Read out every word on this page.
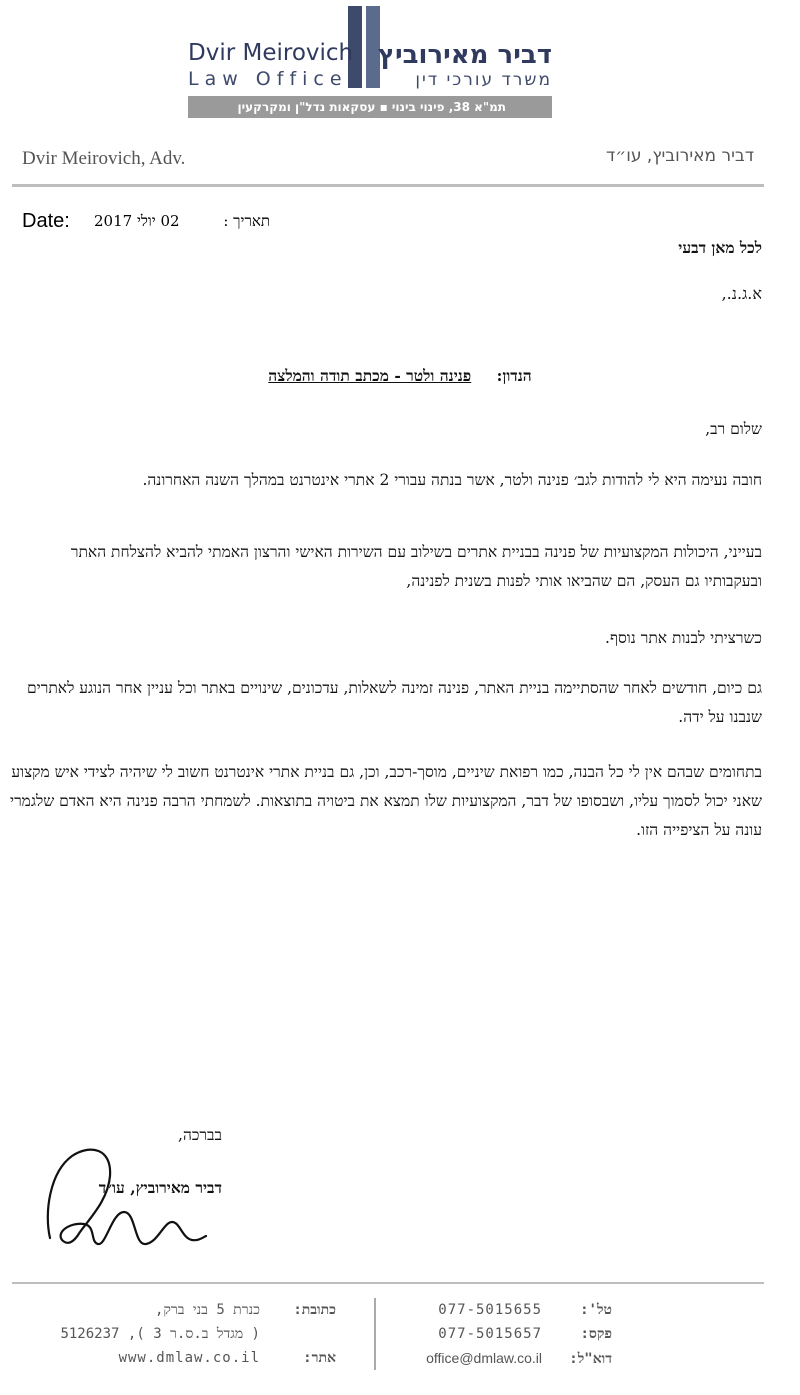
Dvir Meirovich
Law Office
דביר מאירוביץ
משרד עורכי דין
תמ"א 38, פינוי בינוי ▪ עסקאות נדל"ן ומקרקעין
Dvir Meirovich, Adv.	דביר מאירוביץ, עו״ד
Date: 02 יולי 2017	תאריך :
לכל מאן דבעי
א.ג.נ.,
הנדון: פנינה ולטר - מכתב תודה והמלצה
שלום רב,
חובה נעימה היא לי להודות לגב׳ פנינה ולטר, אשר בנתה עבורי 2 אתרי אינטרנט במהלך השנה האחרונה.
בעייני, היכולות המקצועיות של פנינה בבניית אתרים בשילוב עם השירות האישי והרצון האמתי להביא להצלחת האתר ובעקבותיו גם העסק, הם שהביאו אותי לפנות בשנית לפנינה,
כשרציתי לבנות אתר נוסף.
גם כיום, חודשים לאחר שהסתיימה בניית האתר, פנינה זמינה לשאלות, עדכונים, שינויים באתר וכל עניין אחר הנוגע לאתרים שנבנו על ידה.
בתחומים שבהם אין לי כל הבנה, כמו רפואת שיניים, מוסך-רכב, וכן, גם בניית אתרי אינטרנט חשוב לי שיהיה לצידי איש מקצוע שאני יכול לסמוך עליו, ושבסופו של דבר, המקצועיות שלו תמצא את ביטויה בתוצאות. לשמחתי הרבה פנינה היא האדם שלגמרי עונה על הציפייה הזו.
בברכה,
דביר מאירוביץ, עו״ד
טל':077-5015655
פקס:077-5015657
דוא"ל:office@dmlaw.co.il
כתובת:כנרת 5 בני ברק,
( מגדל ב.ס.ר 3 ), 5126237
אתר:www.dmlaw.co.il
